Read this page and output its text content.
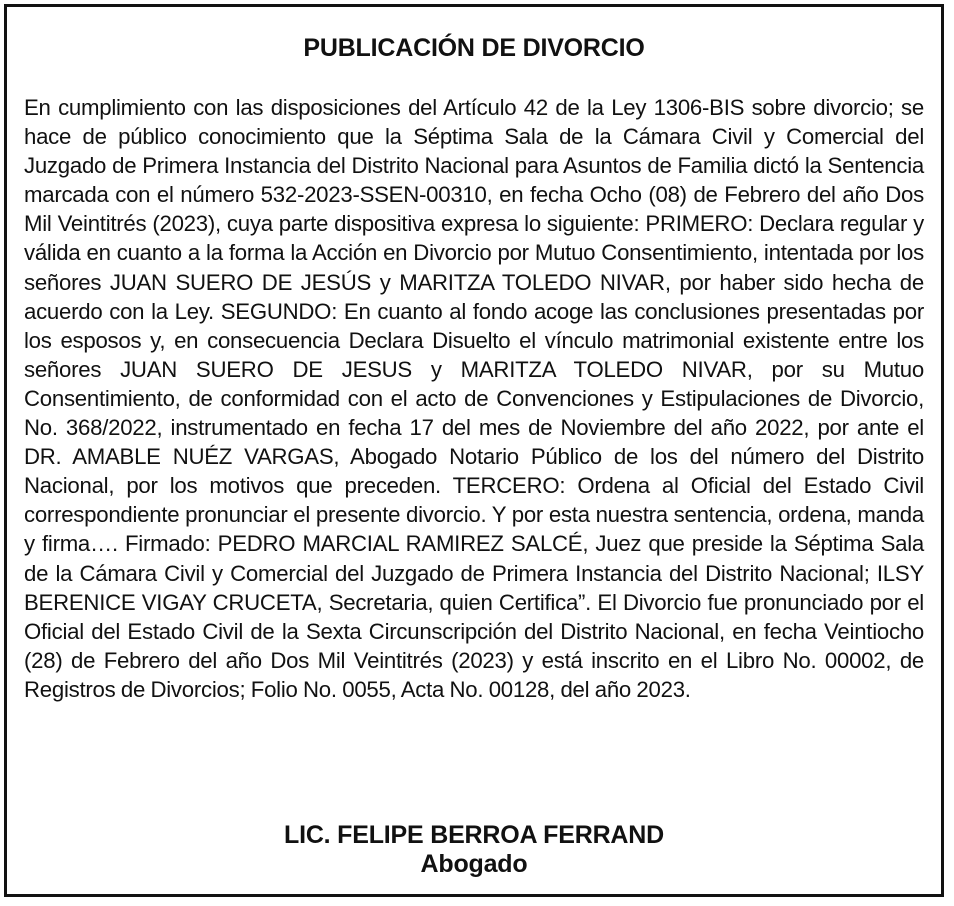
PUBLICACIÓN DE DIVORCIO

En cumplimiento con las disposiciones del Artículo 42 de la Ley 1306-BIS sobre divorcio; se hace de público conocimiento que la Séptima Sala de la Cámara Civil y Comercial del Juzgado de Primera Instancia del Distrito Nacional para Asuntos de Familia dictó la Sentencia marcada con el número 532-2023-SSEN-00310, en fecha Ocho (08) de Febrero del año Dos Mil Veintitrés (2023), cuya parte dispositiva expresa lo siguiente: PRIMERO: Declara regular y válida en cuanto a la forma la Acción en Divorcio por Mutuo Consentimiento, intentada por los señores JUAN SUERO DE JESÚS y MARITZA TOLEDO NIVAR, por haber sido hecha de acuerdo con la Ley. SEGUNDO: En cuanto al fondo acoge las conclusiones presentadas por los esposos y, en consecuencia Declara Disuelto el vínculo matrimonial existente entre los señores JUAN SUERO DE JESUS y MARITZA TOLEDO NIVAR, por su Mutuo Consentimiento, de conformidad con el acto de Convenciones y Estipulaciones de Divorcio, No. 368/2022, instrumentado en fecha 17 del mes de Noviembre del año 2022, por ante el DR. AMABLE NUÉZ VARGAS, Abogado Notario Público de los del número del Distrito Nacional, por los motivos que preceden. TERCERO: Ordena al Oficial del Estado Civil correspondiente pronunciar el presente divorcio. Y por esta nuestra sentencia, ordena, manda y firma…. Firmado: PEDRO MARCIAL RAMIREZ SALCÉ, Juez que preside la Séptima Sala de la Cámara Civil y Comercial del Juzgado de Primera Instancia del Distrito Nacional; ILSY BERENICE VIGAY CRUCETA, Secretaria, quien Certifica”. El Divorcio fue pronunciado por el Oficial del Estado Civil de la Sexta Circunscripción del Distrito Nacional, en fecha Veintiocho (28) de Febrero del año Dos Mil Veintitrés (2023) y está inscrito en el Libro No. 00002, de Registros de Divorcios; Folio No. 0055, Acta No. 00128, del año 2023.

LIC. FELIPE BERROA FERRAND
Abogado
